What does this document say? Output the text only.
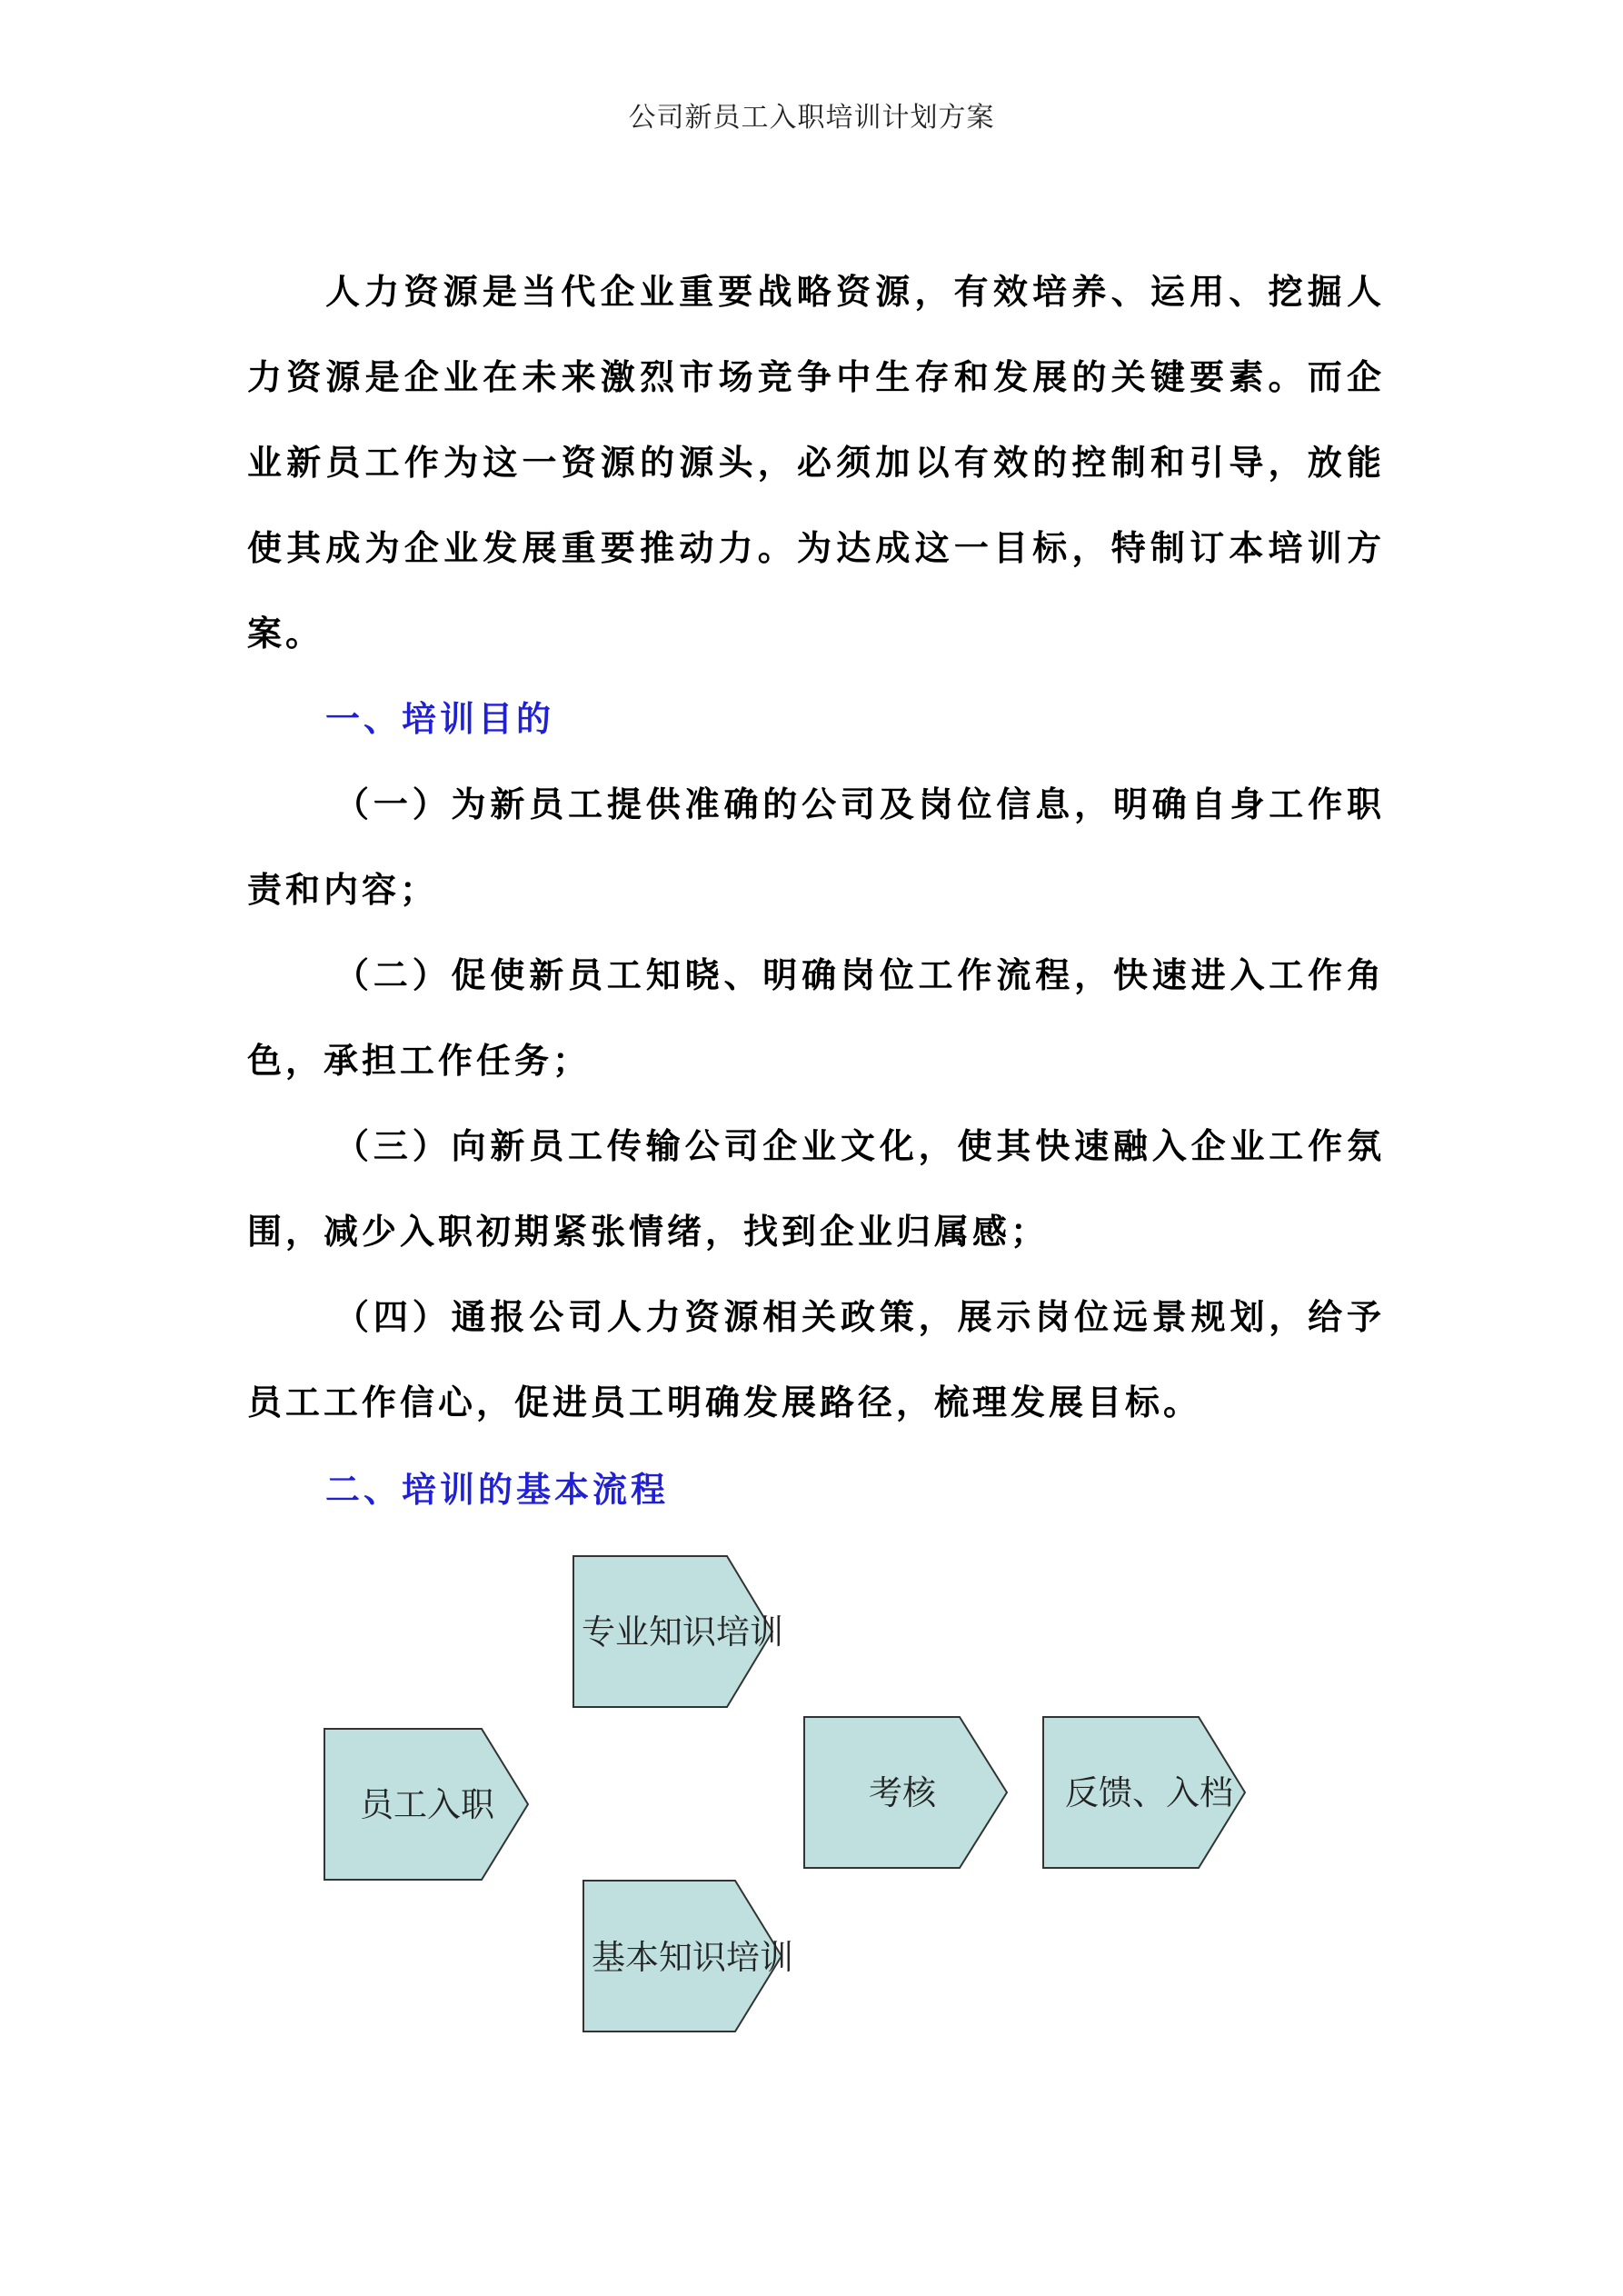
公司新员工入职培训计划方案

人力资源是当代企业重要战略资源，有效培养、运用、挖掘人力资源是企业在未来激烈市场竞争中生存和发展的关键要素。而企业新员工作为这一资源的源头，必须加以有效的控制和引导，放能使其成为企业发展重要推动力。为达成这一目标，特制订本培训方案。

一、培训目的

（一）为新员工提供准确的公司及岗位信息，明确自身工作职责和内容；

（二）促使新员工知晓、明确岗位工作流程，快速进入工作角色，承担工作任务；

（三）向新员工传输公司企业文化，使其快速融入企业工作氛围，减少入职初期紧张情绪，找到企业归属感；

（四）通报公司人力资源相关政策，展示岗位远景规划，给予员工工作信心，促进员工明确发展路径，梳理发展目标。

二、培训的基本流程

专业知识培训
员工入职	考核	反馈、入档
基本知识培训
